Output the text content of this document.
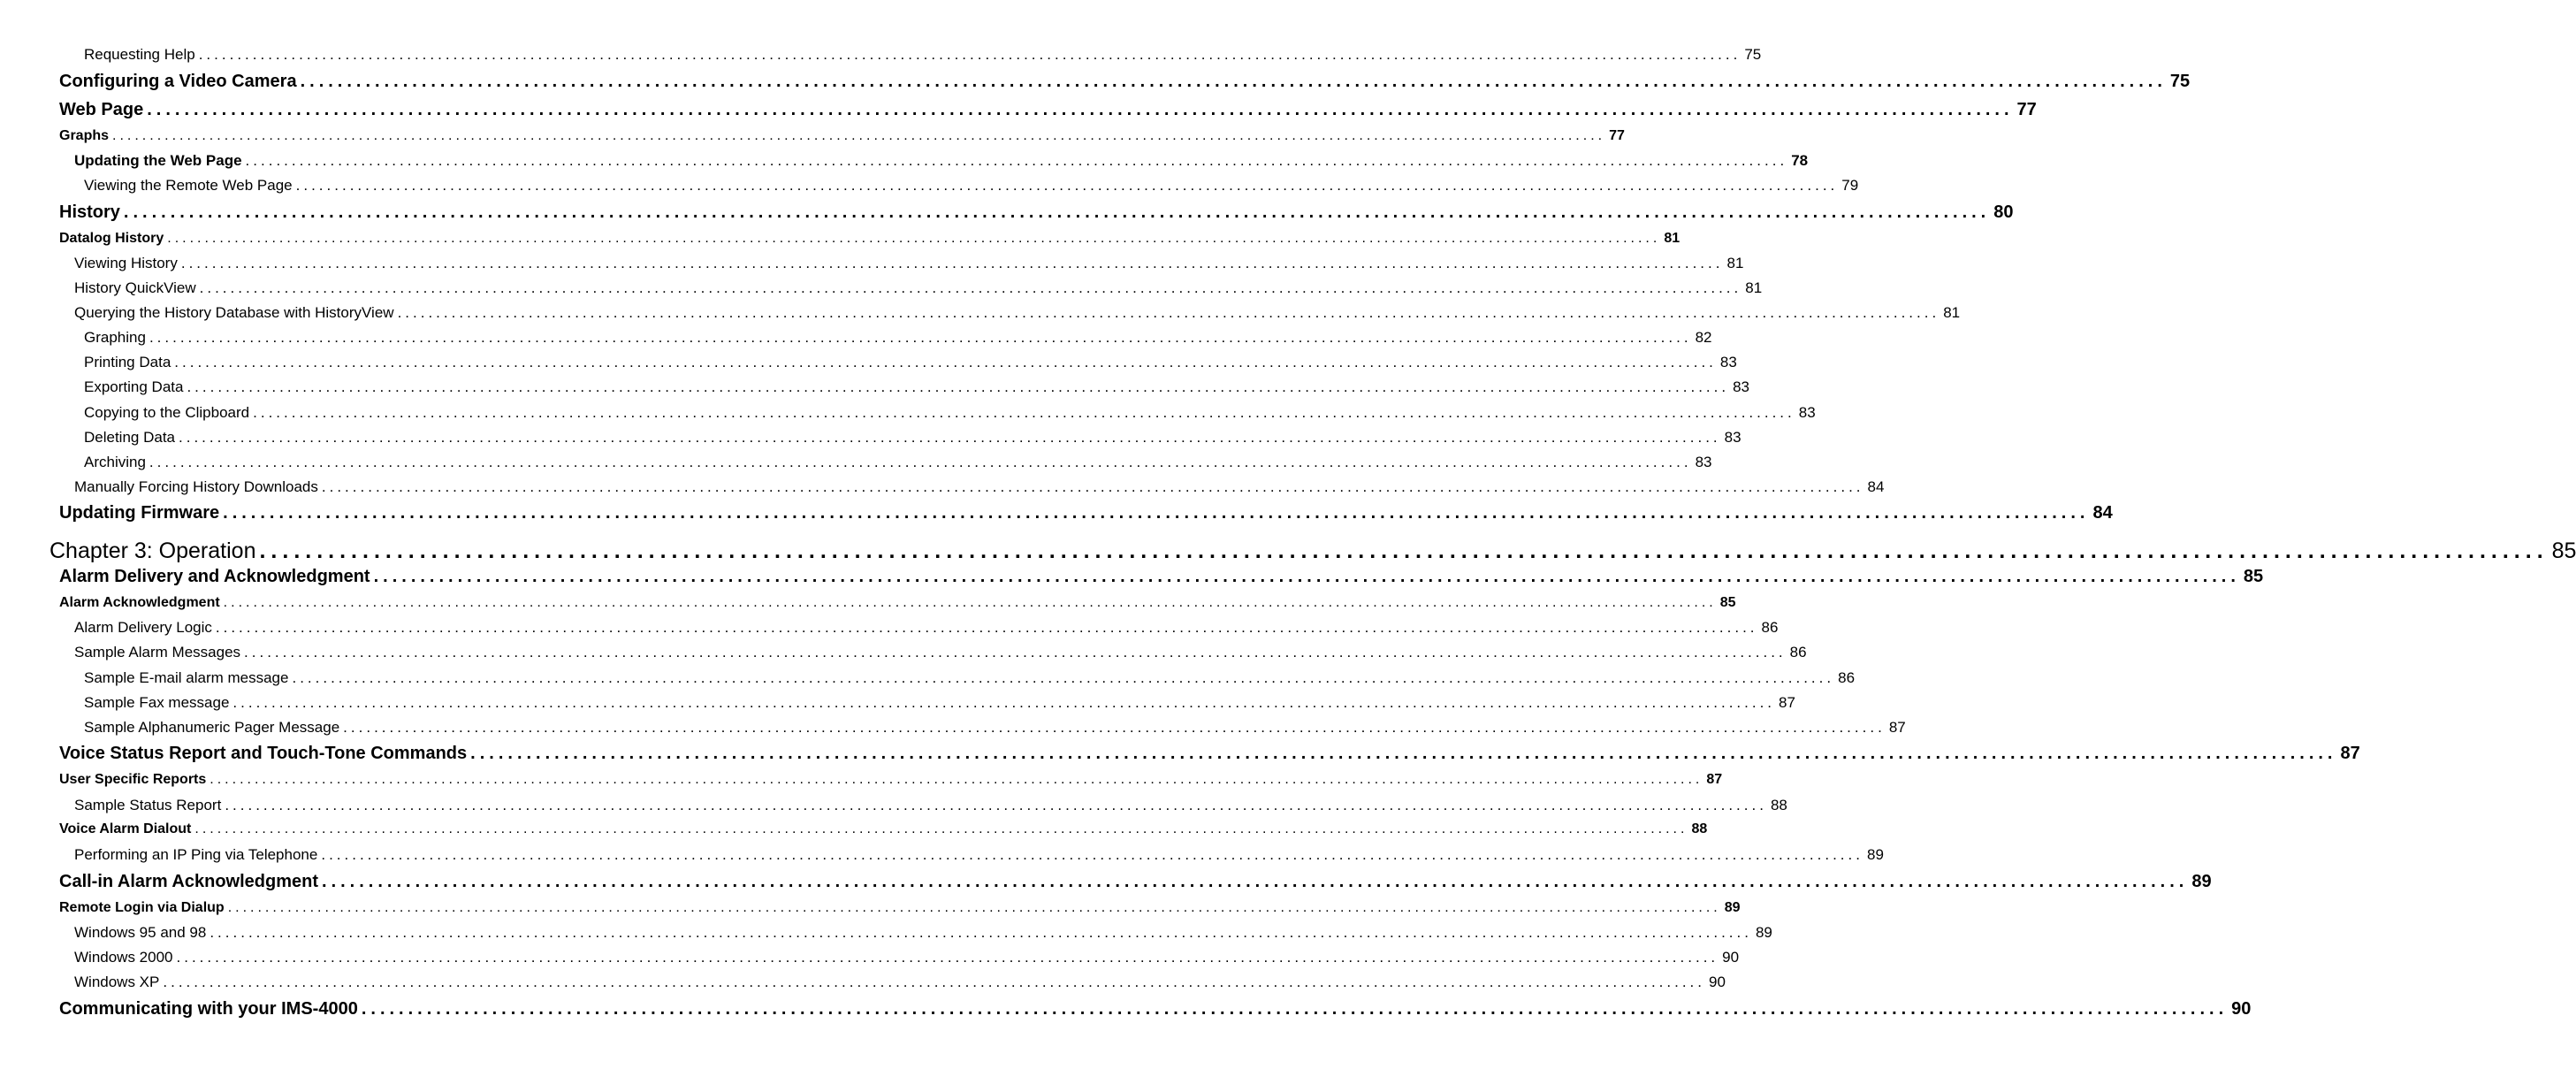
Requesting Help ........................................................................................................................................................................................................ 75
Configuring a Video Camera ........................................................................................................................................................................................................ 75
Web Page ........................................................................................................................................................................................................ 77
Graphs ........................................................................................................................................................................................................ 77
Updating the Web Page ........................................................................................................................................................................................................ 78
Viewing the Remote Web Page ........................................................................................................................................................................................................ 79
History ........................................................................................................................................................................................................ 80
Datalog History ........................................................................................................................................................................................................ 81
Viewing History ........................................................................................................................................................................................................ 81
History QuickView ........................................................................................................................................................................................................ 81
Querying the History Database with HistoryView ........................................................................................................................................................................................................ 81
Graphing ........................................................................................................................................................................................................ 82
Printing Data ........................................................................................................................................................................................................ 83
Exporting Data ........................................................................................................................................................................................................ 83
Copying to the Clipboard ........................................................................................................................................................................................................ 83
Deleting Data ........................................................................................................................................................................................................ 83
Archiving ........................................................................................................................................................................................................ 83
Manually Forcing History Downloads ........................................................................................................................................................................................................ 84
Updating Firmware ........................................................................................................................................................................................................ 84
Chapter 3: Operation ........................................................................................................................................................................................................ 85
Alarm Delivery and Acknowledgment ........................................................................................................................................................................................................ 85
Alarm Acknowledgment ........................................................................................................................................................................................................ 85
Alarm Delivery Logic ........................................................................................................................................................................................................ 86
Sample Alarm Messages ........................................................................................................................................................................................................ 86
Sample E-mail alarm message ........................................................................................................................................................................................................ 86
Sample Fax message ........................................................................................................................................................................................................ 87
Sample Alphanumeric Pager Message ........................................................................................................................................................................................................ 87
Voice Status Report and Touch-Tone Commands ........................................................................................................................................................................................................ 87
User Specific Reports ........................................................................................................................................................................................................ 87
Sample Status Report ........................................................................................................................................................................................................ 88
Voice Alarm Dialout ........................................................................................................................................................................................................ 88
Performing an IP Ping via Telephone ........................................................................................................................................................................................................ 89
Call-in Alarm Acknowledgment ........................................................................................................................................................................................................ 89
Remote Login via Dialup ........................................................................................................................................................................................................ 89
Windows 95 and 98 ........................................................................................................................................................................................................ 89
Windows 2000 ........................................................................................................................................................................................................ 90
Windows XP ........................................................................................................................................................................................................ 90
Communicating with your IMS-4000 ........................................................................................................................................................................................................ 90
